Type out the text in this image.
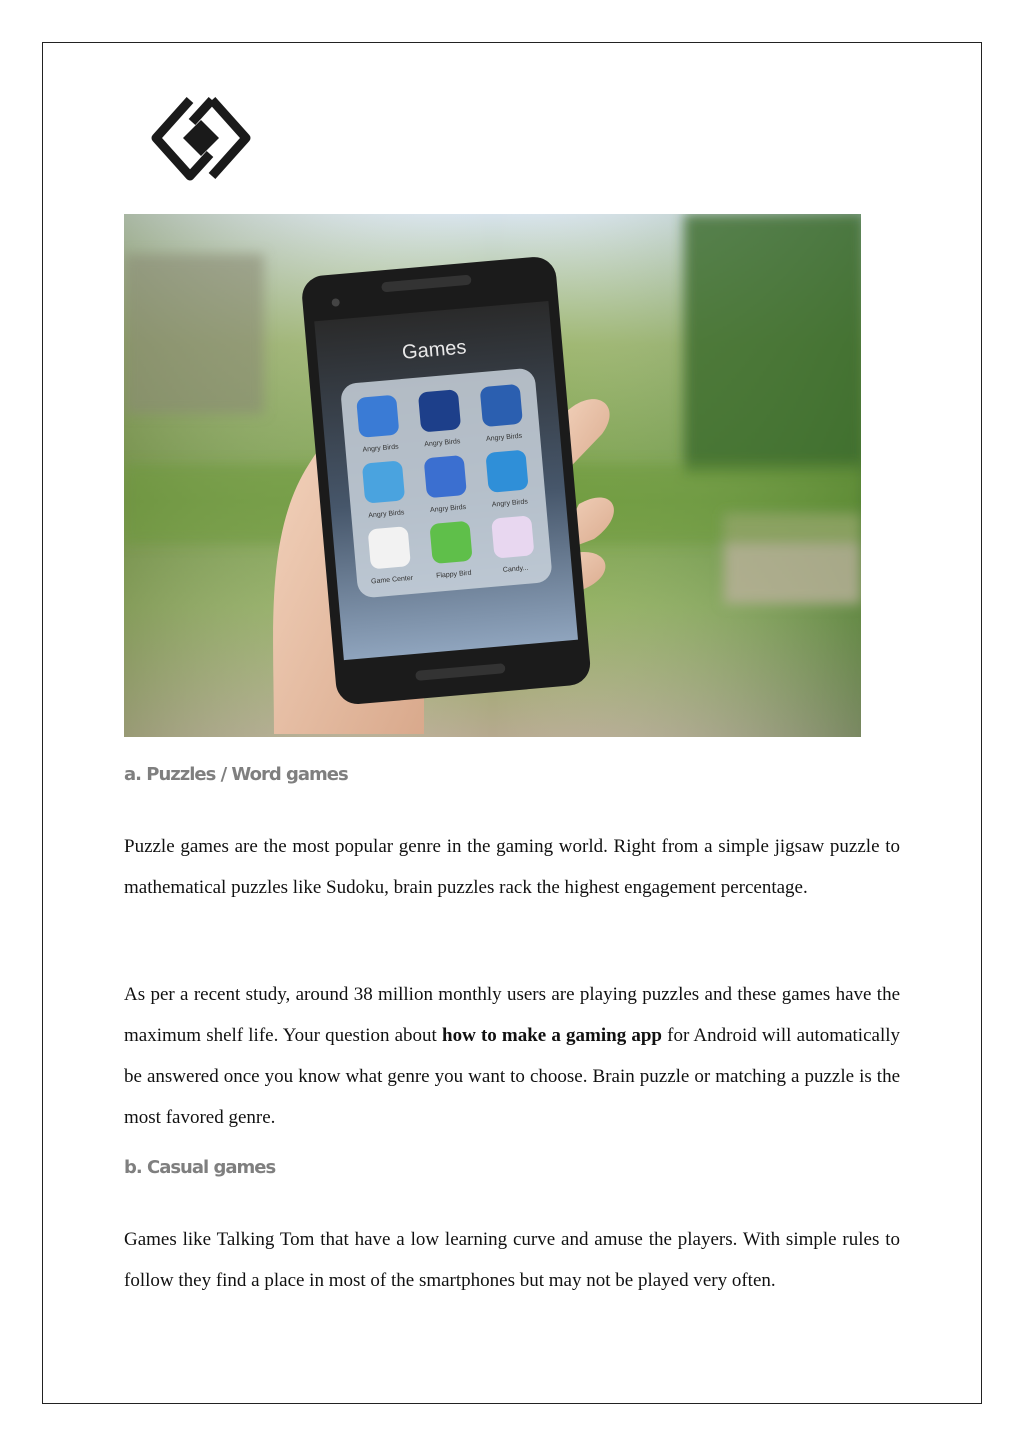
Games
Angry Birds
Angry Birds
Angry Birds
Angry Birds
Angry Birds
Angry Birds
Game Center
Flappy Bird
Candy...
a. Puzzles / Word games

Puzzle games are the most popular genre in the gaming world. Right from a simple jigsaw puzzle to mathematical puzzles like Sudoku, brain puzzles rack the highest engagement percentage.

As per a recent study, around 38 million monthly users are playing puzzles and these games have the maximum shelf life. Your question about how to make a gaming app for Android will automatically be answered once you know what genre you want to choose. Brain puzzle or matching a puzzle is the most favored genre.

b. Casual games

Games like Talking Tom that have a low learning curve and amuse the players. With simple rules to follow they find a place in most of the smartphones but may not be played very often.
